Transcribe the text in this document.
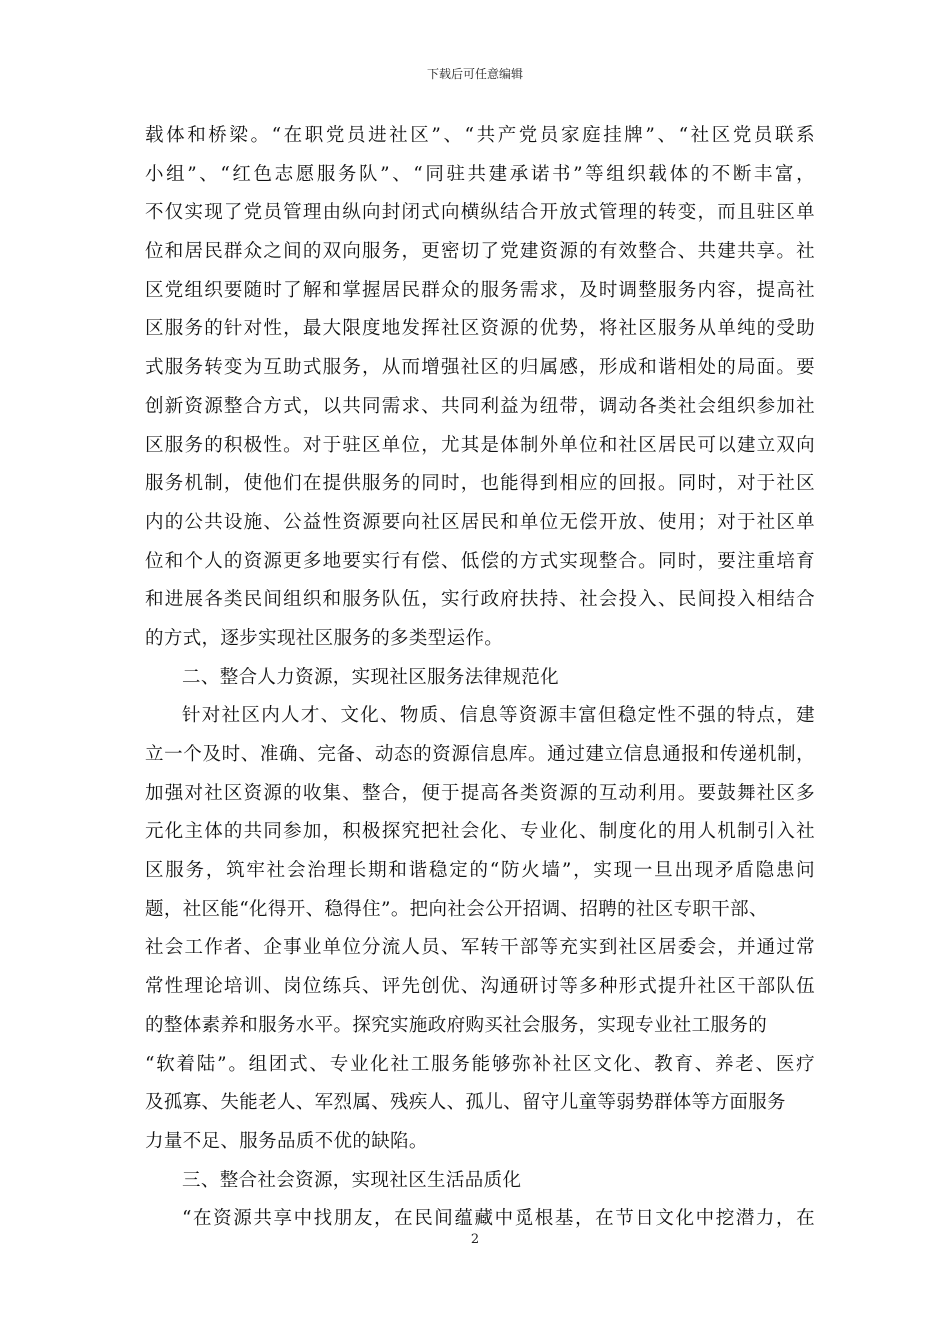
下载后可任意编辑
载体和桥梁。“在职党员进社区”、“共产党员家庭挂牌”、“社区党员联系
小组”、“红色志愿服务队”、“同驻共建承诺书”等组织载体的不断丰富，
不仅实现了党员管理由纵向封闭式向横纵结合开放式管理的转变，而且驻区单
位和居民群众之间的双向服务，更密切了党建资源的有效整合、共建共享。社
区党组织要随时了解和掌握居民群众的服务需求，及时调整服务内容，提高社
区服务的针对性，最大限度地发挥社区资源的优势，将社区服务从单纯的受助
式服务转变为互助式服务，从而增强社区的归属感，形成和谐相处的局面。要
创新资源整合方式，以共同需求、共同利益为纽带，调动各类社会组织参加社
区服务的积极性。对于驻区单位，尤其是体制外单位和社区居民可以建立双向
服务机制，使他们在提供服务的同时，也能得到相应的回报。同时，对于社区
内的公共设施、公益性资源要向社区居民和单位无偿开放、使用；对于社区单
位和个人的资源更多地要实行有偿、低偿的方式实现整合。同时，要注重培育
和进展各类民间组织和服务队伍，实行政府扶持、社会投入、民间投入相结合
的方式，逐步实现社区服务的多类型运作。
二、整合人力资源，实现社区服务法律规范化
针对社区内人才、文化、物质、信息等资源丰富但稳定性不强的特点，建
立一个及时、准确、完备、动态的资源信息库。通过建立信息通报和传递机制，
加强对社区资源的收集、整合，便于提高各类资源的互动利用。要鼓舞社区多
元化主体的共同参加，积极探究把社会化、专业化、制度化的用人机制引入社
区服务，筑牢社会治理长期和谐稳定的“防火墙”，实现一旦出现矛盾隐患问
题，社区能“化得开、稳得住”。把向社会公开招调、招聘的社区专职干部、
社会工作者、企事业单位分流人员、军转干部等充实到社区居委会，并通过常
常性理论培训、岗位练兵、评先创优、沟通研讨等多种形式提升社区干部队伍
的整体素养和服务水平。探究实施政府购买社会服务，实现专业社工服务的
“软着陆”。组团式、专业化社工服务能够弥补社区文化、教育、养老、医疗
及孤寡、失能老人、军烈属、残疾人、孤儿、留守儿童等弱势群体等方面服务
力量不足、服务品质不优的缺陷。
三、整合社会资源，实现社区生活品质化
“在资源共享中找朋友，在民间蕴藏中觅根基，在节日文化中挖潜力，在
2
